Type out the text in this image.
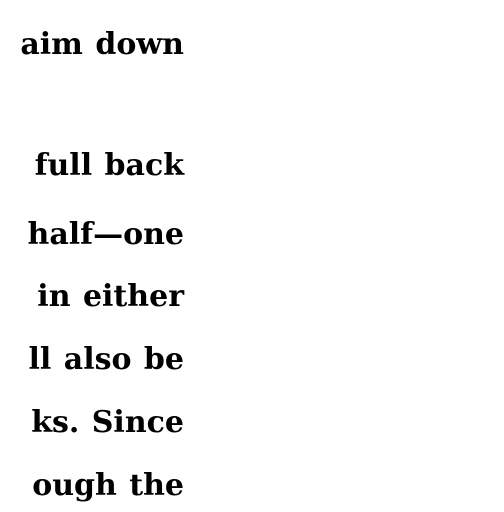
aim down
full back
half—one
in either
ll also be
ks. Since
ough the
